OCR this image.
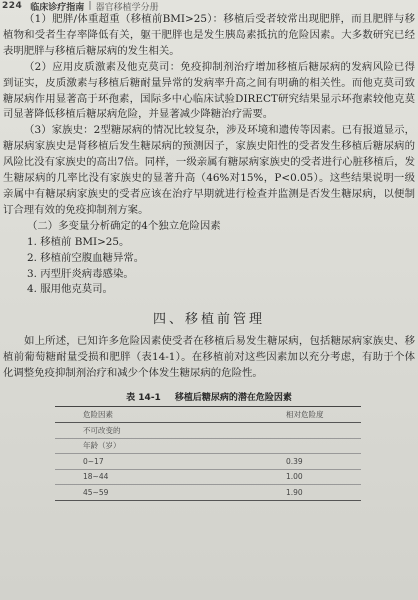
224 临床诊疗指南 | 器官移植学分册

（1）肥胖/体重超重（移植前BMI>25）：移植后受者较常出现肥胖，而且肥胖与移植物和受者生存率降低有关，躯干肥胖也是发生胰岛素抵抗的危险因素。大多数研究已经表明肥胖与移植后糖尿病的发生相关。

（2）应用皮质激素及他克莫司：免疫抑制剂治疗增加移植后糖尿病的发病风险已得到证实，皮质激素与移植后糖耐量异常的发病率升高之间有明确的相关性。而他克莫司致糖尿病作用显著高于环孢素，国际多中心临床试验DIRECT研究结果显示环孢素较他克莫司显著降低移植后糖尿病危险，并显著减少降糖治疗需要。

（3）家族史：2型糖尿病的情况比较复杂，涉及环境和遗传等因素。已有报道显示，糖尿病家族史是肾移植后发生糖尿病的预测因子，家族史阳性的受者发生移植后糖尿病的风险比没有家族史的高出7倍。同样，一级亲属有糖尿病家族史的受者进行心脏移植后，发生糖尿病的几率比没有家族史的显著升高（46%对15%，P<0.05）。这些结果说明一级亲属中有糖尿病家族史的受者应该在治疗早期就进行检查并监测是否发生糖尿病，以便制订合理有效的免疫抑制剂方案。

（二）多变量分析确定的4个独立危险因素

1. 移植前 BMI>25。
2. 移植前空腹血糖异常。
3. 丙型肝炎病毒感染。
4. 服用他克莫司。
四、移植前管理

如上所述，已知许多危险因素使受者在移植后易发生糖尿病，包括糖尿病家族史、移植前葡萄糖耐量受损和肥胖（表14-1）。在移植前对这些因素加以充分考虑，有助于个体化调整免疫抑制剂治疗和减少个体发生糖尿病的危险性。

表 14-1 移植后糖尿病的潜在危险因素
危险因素	相对危险度
不可改变的	
年龄（岁）	
0~17	0.39
18~44	1.00
45~59	1.90
